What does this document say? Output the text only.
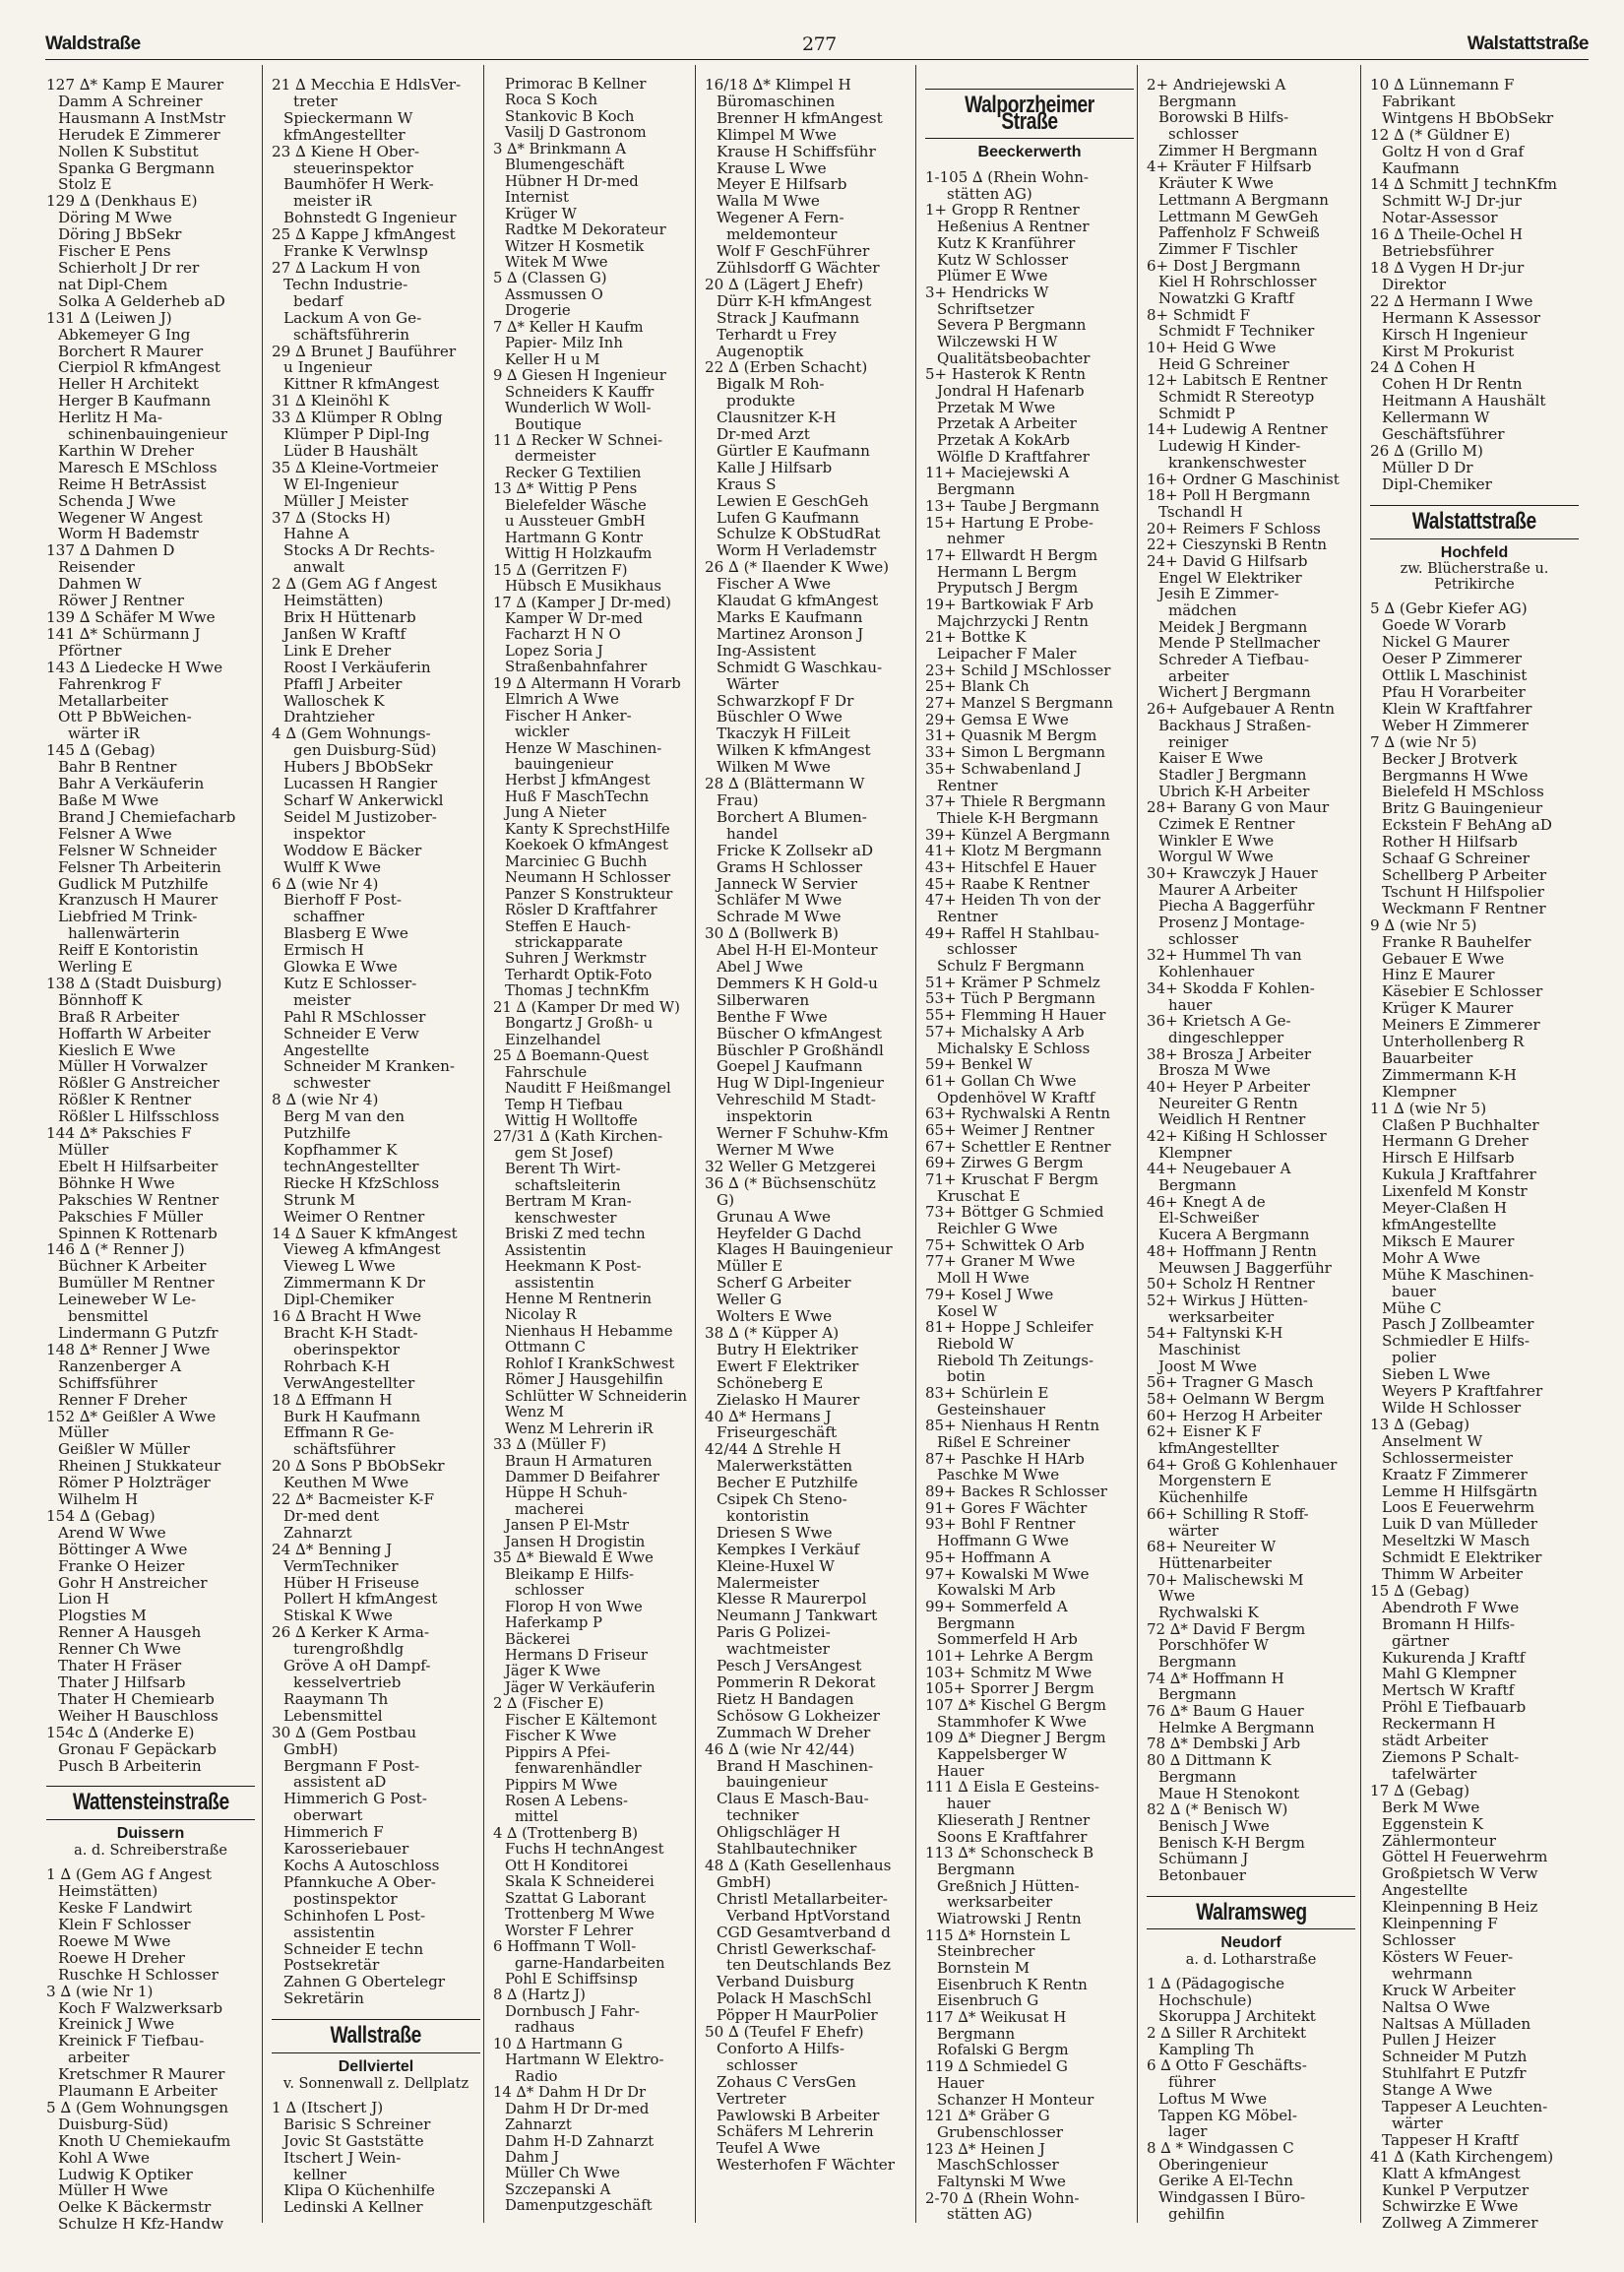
Waldstraße	277	Walstattstraße
127 ∆* Kamp E Maurer
Damm A Schreiner
Hausmann A InstMstr
Herudek E Zimmerer
Nollen K Substitut
Spanka G Bergmann
Stolz E
129 ∆ (Denkhaus E)
Döring M Wwe
Döring J BbSekr
Fischer E Pens
Schierholt J Dr rer
nat Dipl-Chem
Solka A Gelderheb aD
131 ∆ (Leiwen J)
Abkemeyer G Ing
Borchert R Maurer
Cierpiol R kfmAngest
Heller H Architekt
Herger B Kaufmann
Herlitz H Ma-
schinenbauingenieur
Karthin W Dreher
Maresch E MSchloss
Reime H BetrAssist
Schenda J Wwe
Wegener W Angest
Worm H Bademstr
137 ∆ Dahmen D
Reisender
Dahmen W
Röwer J Rentner
139 ∆ Schäfer M Wwe
141 ∆* Schürmann J
Pförtner
143 ∆ Liedecke H Wwe
Fahrenkrog F
Metallarbeiter
Ott P BbWeichen-
wärter iR
145 ∆ (Gebag)
Bahr B Rentner
Bahr A Verkäuferin
Baße M Wwe
Brand J Chemiefacharb
Felsner A Wwe
Felsner W Schneider
Felsner Th Arbeiterin
Gudlick M Putzhilfe
Kranzusch H Maurer
Liebfried M Trink-
hallenwärterin
Reiff E Kontoristin
Werling E
138 ∆ (Stadt Duisburg)
Bönnhoff K
Braß R Arbeiter
Hoffarth W Arbeiter
Kieslich E Wwe
Müller H Vorwalzer
Rößler G Anstreicher
Rößler K Rentner
Rößler L Hilfsschloss
144 ∆* Pakschies F
Müller
Ebelt H Hilfsarbeiter
Böhnke H Wwe
Pakschies W Rentner
Pakschies F Müller
Spinnen K Rottenarb
146 ∆ (* Renner J)
Büchner K Arbeiter
Bumüller M Rentner
Leineweber W Le-
bensmittel
Lindermann G Putzfr
148 ∆* Renner J Wwe
Ranzenberger A
Schiffsführer
Renner F Dreher
152 ∆* Geißler A Wwe
Müller
Geißler W Müller
Rheinen J Stukkateur
Römer P Holzträger
Wilhelm H
154 ∆ (Gebag)
Arend W Wwe
Böttinger A Wwe
Franke O Heizer
Gohr H Anstreicher
Lion H
Plogsties M
Renner A Hausgeh
Renner Ch Wwe
Thater H Fräser
Thater J Hilfsarb
Thater H Chemiearb
Weiher H Bauschloss
154c ∆ (Anderke E)
Gronau F Gepäckarb
Pusch B Arbeiterin
Wattensteinstraße
Duissern
a. d. Schreiberstraße
1 ∆ (Gem AG f Angest
Heimstätten)
Keske F Landwirt
Klein F Schlosser
Roewe M Wwe
Roewe H Dreher
Ruschke H Schlosser
3 ∆ (wie Nr 1)
Koch F Walzwerksarb
Kreinick J Wwe
Kreinick F Tiefbau-
arbeiter
Kretschmer R Maurer
Plaumann E Arbeiter
5 ∆ (Gem Wohnungsgen
Duisburg-Süd)
Knoth U Chemiekaufm
Kohl A Wwe
Ludwig K Optiker
Müller H Wwe
Oelke K Bäckermstr
Schulze H Kfz-Handw
21 ∆ Mecchia E HdlsVer-
treter
Spieckermann W
kfmAngestellter
23 ∆ Kiene H Ober-
steuerinspektor
Baumhöfer H Werk-
meister iR
Bohnstedt G Ingenieur
25 ∆ Kappe J kfmAngest
Franke K Verwlnsp
27 ∆ Lackum H von
Techn Industrie-
bedarf
Lackum A von Ge-
schäftsführerin
29 ∆ Brunet J Bauführer
u Ingenieur
Kittner R kfmAngest
31 ∆ Kleinöhl K
33 ∆ Klümper R Oblng
Klümper P Dipl-Ing
Lüder B Haushält
35 ∆ Kleine-Vortmeier
W El-Ingenieur
Müller J Meister
37 ∆ (Stocks H)
Hahne A
Stocks A Dr Rechts-
anwalt
2 ∆ (Gem AG f Angest
Heimstätten)
Brix H Hüttenarb
Janßen W Kraftf
Link E Dreher
Roost I Verkäuferin
Pfaffl J Arbeiter
Walloschek K
Drahtzieher
4 ∆ (Gem Wohnungs-
gen Duisburg-Süd)
Hubers J BbObSekr
Lucassen H Rangier
Scharf W Ankerwickl
Seidel M Justizober-
inspektor
Woddow E Bäcker
Wulff K Wwe
6 ∆ (wie Nr 4)
Bierhoff F Post-
schaffner
Blasberg E Wwe
Ermisch H
Glowka E Wwe
Kutz E Schlosser-
meister
Pahl R MSchlosser
Schneider E Verw
Angestellte
Schneider M Kranken-
schwester
8 ∆ (wie Nr 4)
Berg M van den
Putzhilfe
Kopfhammer K
technAngestellter
Riecke H KfzSchloss
Strunk M
Weimer O Rentner
14 ∆ Sauer K kfmAngest
Vieweg A kfmAngest
Vieweg L Wwe
Zimmermann K Dr
Dipl-Chemiker
16 ∆ Bracht H Wwe
Bracht K-H Stadt-
oberinspektor
Rohrbach K-H
VerwAngestellter
18 ∆ Effmann H
Burk H Kaufmann
Effmann R Ge-
schäftsführer
20 ∆ Sons P BbObSekr
Keuthen M Wwe
22 ∆* Bacmeister K-F
Dr-med dent
Zahnarzt
24 ∆* Benning J
VermTechniker
Hüber H Friseuse
Pollert H kfmAngest
Stiskal K Wwe
26 ∆ Kerker K Arma-
turengroßhdlg
Gröve A oH Dampf-
kesselvertrieb
Raaymann Th
Lebensmittel
30 ∆ (Gem Postbau
GmbH)
Bergmann F Post-
assistent aD
Himmerich G Post-
oberwart
Himmerich F
Karosseriebauer
Kochs A Autoschloss
Pfannkuche A Ober-
postinspektor
Schinhofen L Post-
assistentin
Schneider E techn
Postsekretär
Zahnen G Obertelegr
Sekretärin
Wallstraße
Dellviertel
v. Sonnenwall z. Dellplatz
1 ∆ (Itschert J)
Barisic S Schreiner
Jovic St Gaststätte
Itschert J Wein-
kellner
Klipa O Küchenhilfe
Ledinski A Kellner
Primorac B Kellner
Roca S Koch
Stankovic B Koch
Vasilj D Gastronom
3 ∆* Brinkmann A
Blumengeschäft
Hübner H Dr-med
Internist
Krüger W
Radtke M Dekorateur
Witzer H Kosmetik
Witek M Wwe
5 ∆ (Classen G)
Assmussen O
Drogerie
7 ∆* Keller H Kaufm
Papier- Milz Inh
Keller H u M
9 ∆ Giesen H Ingenieur
Schneiders K Kauffr
Wunderlich W Woll-
Boutique
11 ∆ Recker W Schnei-
dermeister
Recker G Textilien
13 ∆* Wittig P Pens
Bielefelder Wäsche
u Aussteuer GmbH
Hartmann G Kontr
Wittig H Holzkaufm
15 ∆ (Gerritzen F)
Hübsch E Musikhaus
17 ∆ (Kamper J Dr-med)
Kamper W Dr-med
Facharzt H N O
Lopez Soria J
Straßenbahnfahrer
19 ∆ Altermann H Vorarb
Elmrich A Wwe
Fischer H Anker-
wickler
Henze W Maschinen-
bauingenieur
Herbst J kfmAngest
Huß F MaschTechn
Jung A Nieter
Kanty K SprechstHilfe
Koekoek O kfmAngest
Marciniec G Buchh
Neumann H Schlosser
Panzer S Konstrukteur
Rösler D Kraftfahrer
Steffen E Hauch-
strickapparate
Suhren J Werkmstr
Terhardt Optik-Foto
Thomas J technKfm
21 ∆ (Kamper Dr med W)
Bongartz J Großh- u
Einzelhandel
25 ∆ Boemann-Quest
Fahrschule
Nauditt F Heißmangel
Temp H Tiefbau
Wittig H Wolltoffe
27/31 ∆ (Kath Kirchen-
gem St Josef)
Berent Th Wirt-
schaftsleiterin
Bertram M Kran-
kenschwester
Briski Z med techn
Assistentin
Heekmann K Post-
assistentin
Henne M Rentnerin
Nicolay R
Nienhaus H Hebamme
Ottmann C
Rohlof I KrankSchwest
Römer J Hausgehilfin
Schlütter W Schneiderin
Wenz M
Wenz M Lehrerin iR
33 ∆ (Müller F)
Braun H Armaturen
Dammer D Beifahrer
Hüppe H Schuh-
macherei
Jansen P El-Mstr
Jansen H Drogistin
35 ∆* Biewald E Wwe
Bleikamp E Hilfs-
schlosser
Florop H von Wwe
Haferkamp P
Bäckerei
Hermans D Friseur
Jäger K Wwe
Jäger W Verkäuferin
2 ∆ (Fischer E)
Fischer E Kältemont
Fischer K Wwe
Pippirs A Pfei-
fenwarenhändler
Pippirs M Wwe
Rosen A Lebens-
mittel
4 ∆ (Trottenberg B)
Fuchs H technAngest
Ott H Konditorei
Skala K Schneiderei
Szattat G Laborant
Trottenberg M Wwe
Worster F Lehrer
6 Hoffmann T Woll-
garne-Handarbeiten
Pohl E Schiffsinsp
8 ∆ (Hartz J)
Dornbusch J Fahr-
radhaus
10 ∆ Hartmann G
Hartmann W Elektro-
Radio
14 ∆* Dahm H Dr Dr
Dahm H Dr Dr-med
Zahnarzt
Dahm H-D Zahnarzt
Dahm J
Müller Ch Wwe
Szczepanski A
Damenputzgeschäft
16/18 ∆* Klimpel H
Büromaschinen
Brenner H kfmAngest
Klimpel M Wwe
Krause H Schiffsführ
Krause L Wwe
Meyer E Hilfsarb
Walla M Wwe
Wegener A Fern-
meldemonteur
Wolf F GeschFührer
Zühlsdorff G Wächter
20 ∆ (Lägert J Ehefr)
Dürr K-H kfmAngest
Strack J Kaufmann
Terhardt u Frey
Augenoptik
22 ∆ (Erben Schacht)
Bigalk M Roh-
produkte
Clausnitzer K-H
Dr-med Arzt
Gürtler E Kaufmann
Kalle J Hilfsarb
Kraus S
Lewien E GeschGeh
Lufen G Kaufmann
Schulze K ObStudRat
Worm H Verlademstr
26 ∆ (* Ilaender K Wwe)
Fischer A Wwe
Klaudat G kfmAngest
Marks E Kaufmann
Martinez Aronson J
Ing-Assistent
Schmidt G Waschkau-
Wärter
Schwarzkopf F Dr
Büschler O Wwe
Tkaczyk H FilLeit
Wilken K kfmAngest
Wilken M Wwe
28 ∆ (Blättermann W
Frau)
Borchert A Blumen-
handel
Fricke K Zollsekr aD
Grams H Schlosser
Janneck W Servier
Schläfer M Wwe
Schrade M Wwe
30 ∆ (Bollwerk B)
Abel H-H El-Monteur
Abel J Wwe
Demmers K H Gold-u
Silberwaren
Benthe F Wwe
Büscher O kfmAngest
Büschler P Großhändl
Goepel J Kaufmann
Hug W Dipl-Ingenieur
Vehreschild M Stadt-
inspektorin
Werner F Schuhw-Kfm
Werner M Wwe
32 Weller G Metzgerei
36 ∆ (* Büchsenschütz
G)
Grunau A Wwe
Heyfelder G Dachd
Klages H Bauingenieur
Müller E
Scherf G Arbeiter
Weller G
Wolters E Wwe
38 ∆ (* Küpper A)
Butry H Elektriker
Ewert F Elektriker
Schöneberg E
Zielasko H Maurer
40 ∆* Hermans J
Friseurgeschäft
42/44 ∆ Strehle H
Malerwerkstätten
Becher E Putzhilfe
Csipek Ch Steno-
kontoristin
Driesen S Wwe
Kempkes I Verkäuf
Kleine-Huxel W
Malermeister
Klesse R Maurerpol
Neumann J Tankwart
Paris G Polizei-
wachtmeister
Pesch J VersAngest
Pommerin R Dekorat
Rietz H Bandagen
Schösow G Lokheizer
Zummach W Dreher
46 ∆ (wie Nr 42/44)
Brand H Maschinen-
bauingenieur
Claus E Masch-Bau-
techniker
Ohligschläger H
Stahlbautechniker
48 ∆ (Kath Gesellenhaus
GmbH)
Christl Metallarbeiter-
Verband HptVorstand
CGD Gesamtverband d
Christl Gewerkschaf-
ten Deutschlands Bez
Verband Duisburg
Polack H MaschSchl
Pöpper H MaurPolier
50 ∆ (Teufel F Ehefr)
Conforto A Hilfs-
schlosser
Zohaus C VersGen
Vertreter
Pawlowski B Arbeiter
Schäfers M Lehrerin
Teufel A Wwe
Westerhofen F Wächter
Walporzheimer Straße
Beeckerwerth
1-105 ∆ (Rhein Wohn-
stätten AG)
1+ Gropp R Rentner
Heßenius A Rentner
Kutz K Kranführer
Kutz W Schlosser
Plümer E Wwe
3+ Hendricks W
Schriftsetzer
Severa P Bergmann
Wilczewski H W
Qualitätsbeobachter
5+ Hasterok K Rentn
Jondral H Hafenarb
Przetak M Wwe
Przetak A Arbeiter
Przetak A KokArb
Wölfle D Kraftfahrer
11+ Maciejewski A
Bergmann
13+ Taube J Bergmann
15+ Hartung E Probe-
nehmer
17+ Ellwardt H Bergm
Hermann L Bergm
Pryputsch J Bergm
19+ Bartkowiak F Arb
Majchrzycki J Rentn
21+ Bottke K
Leipacher F Maler
23+ Schild J MSchlosser
25+ Blank Ch
27+ Manzel S Bergmann
29+ Gemsa E Wwe
31+ Quasnik M Bergm
33+ Simon L Bergmann
35+ Schwabenland J
Rentner
37+ Thiele R Bergmann
Thiele K-H Bergmann
39+ Künzel A Bergmann
41+ Klotz M Bergmann
43+ Hitschfel E Hauer
45+ Raabe K Rentner
47+ Heiden Th von der
Rentner
49+ Raffel H Stahlbau-
schlosser
Schulz F Bergmann
51+ Krämer P Schmelz
53+ Tüch P Bergmann
55+ Flemming H Hauer
57+ Michalsky A Arb
Michalsky E Schloss
59+ Benkel W
61+ Gollan Ch Wwe
Opdenhövel W Kraftf
63+ Rychwalski A Rentn
65+ Weimer J Rentner
67+ Schettler E Rentner
69+ Zirwes G Bergm
71+ Kruschat F Bergm
Kruschat E
73+ Böttger G Schmied
Reichler G Wwe
75+ Schwittek O Arb
77+ Graner M Wwe
Moll H Wwe
79+ Kosel J Wwe
Kosel W
81+ Hoppe J Schleifer
Riebold W
Riebold Th Zeitungs-
botin
83+ Schürlein E
Gesteinshauer
85+ Nienhaus H Rentn
Rißel E Schreiner
87+ Paschke H HArb
Paschke M Wwe
89+ Backes R Schlosser
91+ Gores F Wächter
93+ Bohl F Rentner
Hoffmann G Wwe
95+ Hoffmann A
97+ Kowalski M Wwe
Kowalski M Arb
99+ Sommerfeld A
Bergmann
Sommerfeld H Arb
101+ Lehrke A Bergm
103+ Schmitz M Wwe
105+ Sporrer J Bergm
107 ∆* Kischel G Bergm
Stammhofer K Wwe
109 ∆* Diegner J Bergm
Kappelsberger W
Hauer
111 ∆ Eisla E Gesteins-
hauer
Klieserath J Rentner
Soons E Kraftfahrer
113 ∆* Schonscheck B
Bergmann
Greßnich J Hütten-
werksarbeiter
Wiatrowski J Rentn
115 ∆* Hornstein L
Steinbrecher
Bornstein M
Eisenbruch K Rentn
Eisenbruch G
117 ∆* Weikusat H
Bergmann
Rofalski G Bergm
119 ∆ Schmiedel G
Hauer
Schanzer H Monteur
121 ∆* Gräber G
Grubenschlosser
123 ∆* Heinen J
MaschSchlosser
Faltynski M Wwe
2-70 ∆ (Rhein Wohn-
stätten AG)
2+ Andriejewski A
Bergmann
Borowski B Hilfs-
schlosser
Zimmer H Bergmann
4+ Kräuter F Hilfsarb
Kräuter K Wwe
Lettmann A Bergmann
Lettmann M GewGeh
Paffenholz F Schweiß
Zimmer F Tischler
6+ Dost J Bergmann
Kiel H Rohrschlosser
Nowatzki G Kraftf
8+ Schmidt F
Schmidt F Techniker
10+ Heid G Wwe
Heid G Schreiner
12+ Labitsch E Rentner
Schmidt R Stereotyp
Schmidt P
14+ Ludewig A Rentner
Ludewig H Kinder-
krankenschwester
16+ Ordner G Maschinist
18+ Poll H Bergmann
Tschandl H
20+ Reimers F Schloss
22+ Cieszynski B Rentn
24+ David G Hilfsarb
Engel W Elektriker
Jesih E Zimmer-
mädchen
Meidek J Bergmann
Mende P Stellmacher
Schreder A Tiefbau-
arbeiter
Wichert J Bergmann
26+ Aufgebauer A Rentn
Backhaus J Straßen-
reiniger
Kaiser E Wwe
Stadler J Bergmann
Ubrich K-H Arbeiter
28+ Barany G von Maur
Czimek E Rentner
Winkler E Wwe
Worgul W Wwe
30+ Krawczyk J Hauer
Maurer A Arbeiter
Piecha A Baggerführ
Prosenz J Montage-
schlosser
32+ Hummel Th van
Kohlenhauer
34+ Skodda F Kohlen-
hauer
36+ Krietsch A Ge-
dingeschlepper
38+ Brosza J Arbeiter
Brosza M Wwe
40+ Heyer P Arbeiter
Neureiter G Rentn
Weidlich H Rentner
42+ Kißing H Schlosser
Klempner
44+ Neugebauer A
Bergmann
46+ Knegt A de
El-Schweißer
Kucera A Bergmann
48+ Hoffmann J Rentn
Meuwsen J Baggerführ
50+ Scholz H Rentner
52+ Wirkus J Hütten-
werksarbeiter
54+ Faltynski K-H
Maschinist
Joost M Wwe
56+ Tragner G Masch
58+ Oelmann W Bergm
60+ Herzog H Arbeiter
62+ Eisner K F
kfmAngestellter
64+ Groß G Kohlenhauer
Morgenstern E
Küchenhilfe
66+ Schilling R Stoff-
wärter
68+ Neureiter W
Hüttenarbeiter
70+ Malischewski M
Wwe
Rychwalski K
72 ∆* David F Bergm
Porschhöfer W
Bergmann
74 ∆* Hoffmann H
Bergmann
76 ∆* Baum G Hauer
Helmke A Bergmann
78 ∆* Dembski J Arb
80 ∆ Dittmann K
Bergmann
Maue H Stenokont
82 ∆ (* Benisch W)
Benisch J Wwe
Benisch K-H Bergm
Schümann J
Betonbauer
Walramsweg
Neudorf
a. d. Lotharstraße
1 ∆ (Pädagogische
Hochschule)
Skoruppa J Architekt
2 ∆ Siller R Architekt
Kampling Th
6 ∆ Otto F Geschäfts-
führer
Loftus M Wwe
Tappen KG Möbel-
lager
8 ∆ * Windgassen C
Oberingenieur
Gerike A El-Techn
Windgassen I Büro-
gehilfin
10 ∆ Lünnemann F
Fabrikant
Wintgens H BbObSekr
12 ∆ (* Güldner E)
Goltz H von d Graf
Kaufmann
14 ∆ Schmitt J technKfm
Schmitt W-J Dr-jur
Notar-Assessor
16 ∆ Theile-Ochel H
Betriebsführer
18 ∆ Vygen H Dr-jur
Direktor
22 ∆ Hermann I Wwe
Hermann K Assessor
Kirsch H Ingenieur
Kirst M Prokurist
24 ∆ Cohen H
Cohen H Dr Rentn
Heitmann A Haushält
Kellermann W
Geschäftsführer
26 ∆ (Grillo M)
Müller D Dr
Dipl-Chemiker
Walstattstraße
Hochfeld
zw. Blücherstraße u. Petrikirche
5 ∆ (Gebr Kiefer AG)
Goede W Vorarb
Nickel G Maurer
Oeser P Zimmerer
Ottlik L Maschinist
Pfau H Vorarbeiter
Klein W Kraftfahrer
Weber H Zimmerer
7 ∆ (wie Nr 5)
Becker J Brotverk
Bergmanns H Wwe
Bielefeld H MSchloss
Britz G Bauingenieur
Eckstein F BehAng aD
Rother H Hilfsarb
Schaaf G Schreiner
Schellberg P Arbeiter
Tschunt H Hilfspolier
Weckmann F Rentner
9 ∆ (wie Nr 5)
Franke R Bauhelfer
Gebauer E Wwe
Hinz E Maurer
Käsebier E Schlosser
Krüger K Maurer
Meiners E Zimmerer
Unterhollenberg R
Bauarbeiter
Zimmermann K-H
Klempner
11 ∆ (wie Nr 5)
Claßen P Buchhalter
Hermann G Dreher
Hirsch E Hilfsarb
Kukula J Kraftfahrer
Lixenfeld M Konstr
Meyer-Claßen H
kfmAngestellte
Miksch E Maurer
Mohr A Wwe
Mühe K Maschinen-
bauer
Mühe C
Pasch J Zollbeamter
Schmiedler E Hilfs-
polier
Sieben L Wwe
Weyers P Kraftfahrer
Wilde H Schlosser
13 ∆ (Gebag)
Anselment W
Schlossermeister
Kraatz F Zimmerer
Lemme H Hilfsgärtn
Loos E Feuerwehrm
Luik D van Mülleder
Meseltzki W Masch
Schmidt E Elektriker
Thimm W Arbeiter
15 ∆ (Gebag)
Abendroth F Wwe
Bromann H Hilfs-
gärtner
Kukurenda J Kraftf
Mahl G Klempner
Mertsch W Kraftf
Pröhl E Tiefbauarb
Reckermann H
städt Arbeiter
Ziemons P Schalt-
tafelwärter
17 ∆ (Gebag)
Berk M Wwe
Eggenstein K
Zählermonteur
Göttel H Feuerwehrm
Großpietsch W Verw
Angestellte
Kleinpenning B Heiz
Kleinpenning F
Schlosser
Kösters W Feuer-
wehrmann
Kruck W Arbeiter
Naltsa O Wwe
Naltsas A Mülladen
Pullen J Heizer
Schneider M Putzh
Stuhlfahrt E Putzfr
Stange A Wwe
Tappeser A Leuchten-
wärter
Tappeser H Kraftf
41 ∆ (Kath Kirchengem)
Klatt A kfmAngest
Kunkel P Verputzer
Schwirzke E Wwe
Zollweg A Zimmerer
